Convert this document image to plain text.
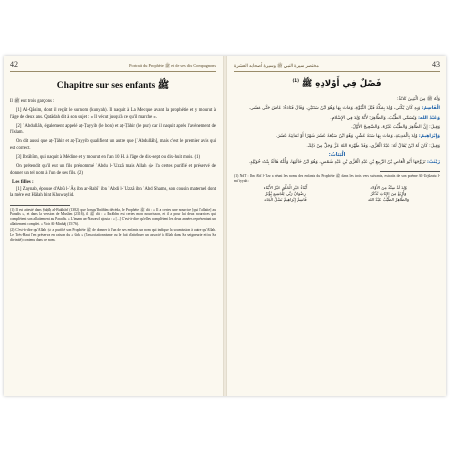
42	Portrait du Prophète ﷺ et de ses dix Compagnons
Chapitre sur ses enfants ﷺ

Il ﷺ eut trois garçons :

[1] Al-Qâsim, dont il reçût le surnom (kunyah). Il naquit à La Mecque avant la prophétie et y mourut à l'âge de deux ans. Qatâdah dit à son sujet : « Il vécut jusqu'à ce qu'il marche ».

[2] ʿAbdullâh, également appelé aṭ-Ṭayyib (le bon) et aṭ-Ṭâhir (le pur) car il naquit après l'avènement de l'Islam.

On dit aussi que aṭ-Ṭâhir et aṭ-Ṭayyib qualifient un autre que [ʿAbdullâh], mais c'est le premier avis qui est correct.

[3] Ibrâhîm, qui naquit à Médine et y mourut en l'an 10 H. à l'âge de dix-sept ou dix-huit mois. (1)

On prétendit qu'il eut un fils prénommé ʿAbdu l-ʿUzzâ mais Allah ﷻ l'a certes purifié et préservé de donner un tel nom à l'un de ses fils. (2)

Les filles :

[1] Zaynab, épouse d'Abû l-ʿÂṣ ibn ar-Rabîʿ ibn ʿAbdi l-ʿUzzâ ibn ʿAbd Shams, son cousin maternel dont la mère est Hâlah bint Khuwaylid.

(1) Il est attesté dans Ṣaḥîḥ al-Bukhârî (1382) que lorsqu'Ibrâhîm décéda, le Prophète ﷺ dit : « Il a certes une nourrice [qui l'allaite] au Paradis », et dans la version de Muslim (2316), il ﷺ dit : « Ibrâhîm est certes mon nourrisson, et il a pour lui deux nourrices qui complètent son allaitement au Paradis. » L'imam an-Nawawî ajouta : « [...] C'est-à-dire qu'elles complètent les deux années représentant un allaitement complet. » Voir Al-Minhâj (15/76).

(2) C'est-à-dire qu'Allah ﷻ a purifié son Prophète ﷺ de donner à l'un de ses enfants un nom qui indique la soumission à autre qu'Allah. Le Très-Haut l'en préserva en raison du « širk » (l'associationnisme ou le fait d'attribuer un associé à Allah dans Sa seigneurie et/ou Sa divinité) contenu dans ce nom.

مختصر سيرة النبي ﷺ وسيرة أصحابه العشرة	43
فَصْلٌ فِي أَوْلادِهِ ﷺ $^{(1)}$

وَلَهُ ﷺ مِنَ الْبَنِينَ ثَلاثَةٌ:

الْقَاسِمُ: وَبِهِ كَانَ يُكْنَى، وُلِدَ بِمَكَّةَ قَبْلَ النُّبُوَّةِ، وَمَاتَ بِهَا وَهُوَ ابْنُ سَنَتَيْنِ. وَقَالَ قَتَادَةُ: عَاشَ حَتَّى مَشَى.

وَعَبْدُ الله: وَيُسَمَّى الطَّيِّبَ، وَالطَّاهِرَ؛ لأَنَّهُ وُلِدَ فِي الإِسْلامِ.

وَقِيلَ: إِنَّ الطَّاهِرَ وَالطَّيِّبَ غَيْرُهُ، وَالصَّحِيحُ الأَوَّلُ.

وَإِبْرَاهِيمُ: وُلِدَ بِالْمَدِينَةِ، وَمَاتَ بِهَا سَنَةَ عَشْرٍ، وَهُوَ ابْنُ سَبْعَةَ عَشَرَ شَهْرًا أَوْ ثَمَانِيَةَ عَشَرَ.

وَقِيلَ: كَانَ لَهُ ابْنٌ يُقَالُ لَهُ: عَبْدُ الْعُزَّى، وَقَدْ طَهَّرَهُ اللهُ عَزَّ وَجَلَّ مِنْ ذَلِكَ.

الْبَنَاتُ:

زَيْنَبُ: تَزَوَّجَهَا أَبُو الْعَاصِ بْنُ الرَّبِيعِ بْنِ عَبْدِ الْعُزَّى بْنِ عَبْدِ شَمْسٍ، وَهُوَ ابْنُ خَالَتِهَا، وَأُمُّهُ هَالَةُ بِنْتُ خُوَيْلِدٍ.

(1) NdT : Ibn Abî l-ʿIzz a réuni les noms des enfants du Prophète ﷺ dans les trois vers suivants, extraits de son poème Al-Urjûzatu l-miʿiyyah :

وُلِدَ لَهُ سِتَّةٌ مِنَ الأَوْلاد
أَبْنَاءُ خَيْرِ الْخَلْقِ خَيْرُ الأَبْنَاء
وَأَرْبَعٌ مِنَ الإِنَاثِ تُذْكَرُ
رِضْوَانُ رَبِّي لِلْجَمِيعِ يُؤْثَرُ
وَالطَّاهِرُ الطَّيِّبُ عَبْدُ الله
قَاسِمٌ إِبْرَاهِيمُ نَسْلُ الْجَاه
